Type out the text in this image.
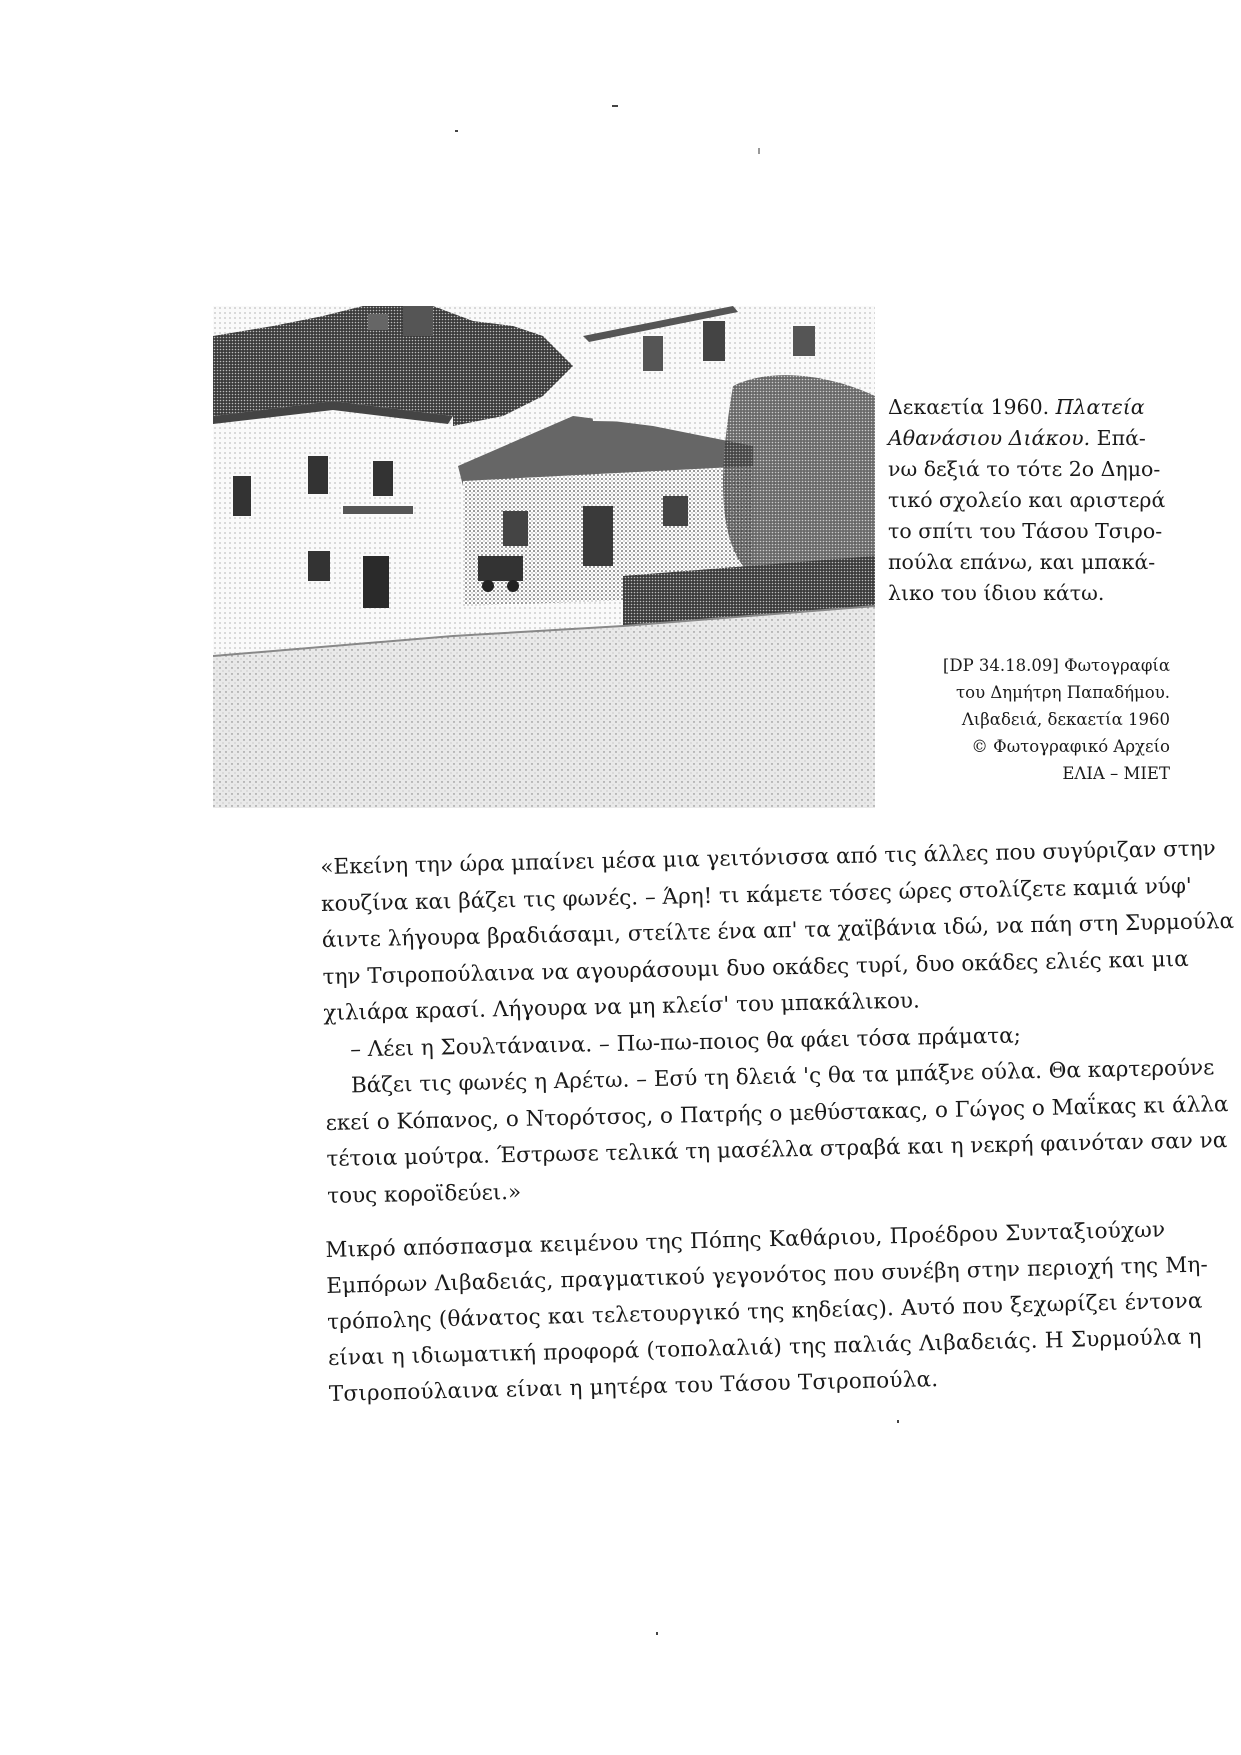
Δεκαετία 1960. Πλατεία
Αθανάσιου Διάκου. Επά-
νω δεξιά το τότε 2ο Δημο-
τικό σχολείο και αριστερά
το σπίτι του Τάσου Τσιρο-
πούλα επάνω, και μπακά-
λικο του ίδιου κάτω.
[DP 34.18.09] Φωτογραφία
του Δημήτρη Παπαδήμου.
Λιβαδειά, δεκαετία 1960
© Φωτογραφικό Αρχείο
ΕΛΙΑ – ΜΙΕΤ
«Εκείνη την ώρα μπαίνει μέσα μια γειτόνισσα από τις άλλες που συγύριζαν στην
κουζίνα και βάζει τις φωνές. – Άρη! τι κάμετε τόσες ώρες στολίζετε καμιά νύφ'
άιντε λήγουρα βραδιάσαμι, στείλτε ένα απ' τα χαϊβάνια ιδώ, να πάη στη Συρμούλα
την Τσιροπούλαινα να αγουράσουμι δυο οκάδες τυρί, δυο οκάδες ελιές και μια
χιλιάρα κρασί. Λήγουρα να μη κλείσ' του μπακάλικου.
– Λέει η Σουλτάναινα. – Πω-πω-ποιος θα φάει τόσα πράματα;
Βάζει τις φωνές η Αρέτω. – Εσύ τη δλειά 'ς θα τα μπάξνε ούλα. Θα καρτερούνε
εκεί ο Κόπανος, ο Ντορότσος, ο Πατρής ο μεθύστακας, ο Γώγος ο Μαΐκας κι άλλα
τέτοια μούτρα. Έστρωσε τελικά τη μασέλλα στραβά και η νεκρή φαινόταν σαν να
τους κοροϊδεύει.»
Μικρό απόσπασμα κειμένου της Πόπης Καθάριου, Προέδρου Συνταξιούχων
Εμπόρων Λιβαδειάς, πραγματικού γεγονότος που συνέβη στην περιοχή της Μη-
τρόπολης (θάνατος και τελετουργικό της κηδείας). Αυτό που ξεχωρίζει έντονα
είναι η ιδιωματική προφορά (τοπολαλιά) της παλιάς Λιβαδειάς. Η Συρμούλα η
Τσιροπούλαινα είναι η μητέρα του Τάσου Τσιροπούλα.
